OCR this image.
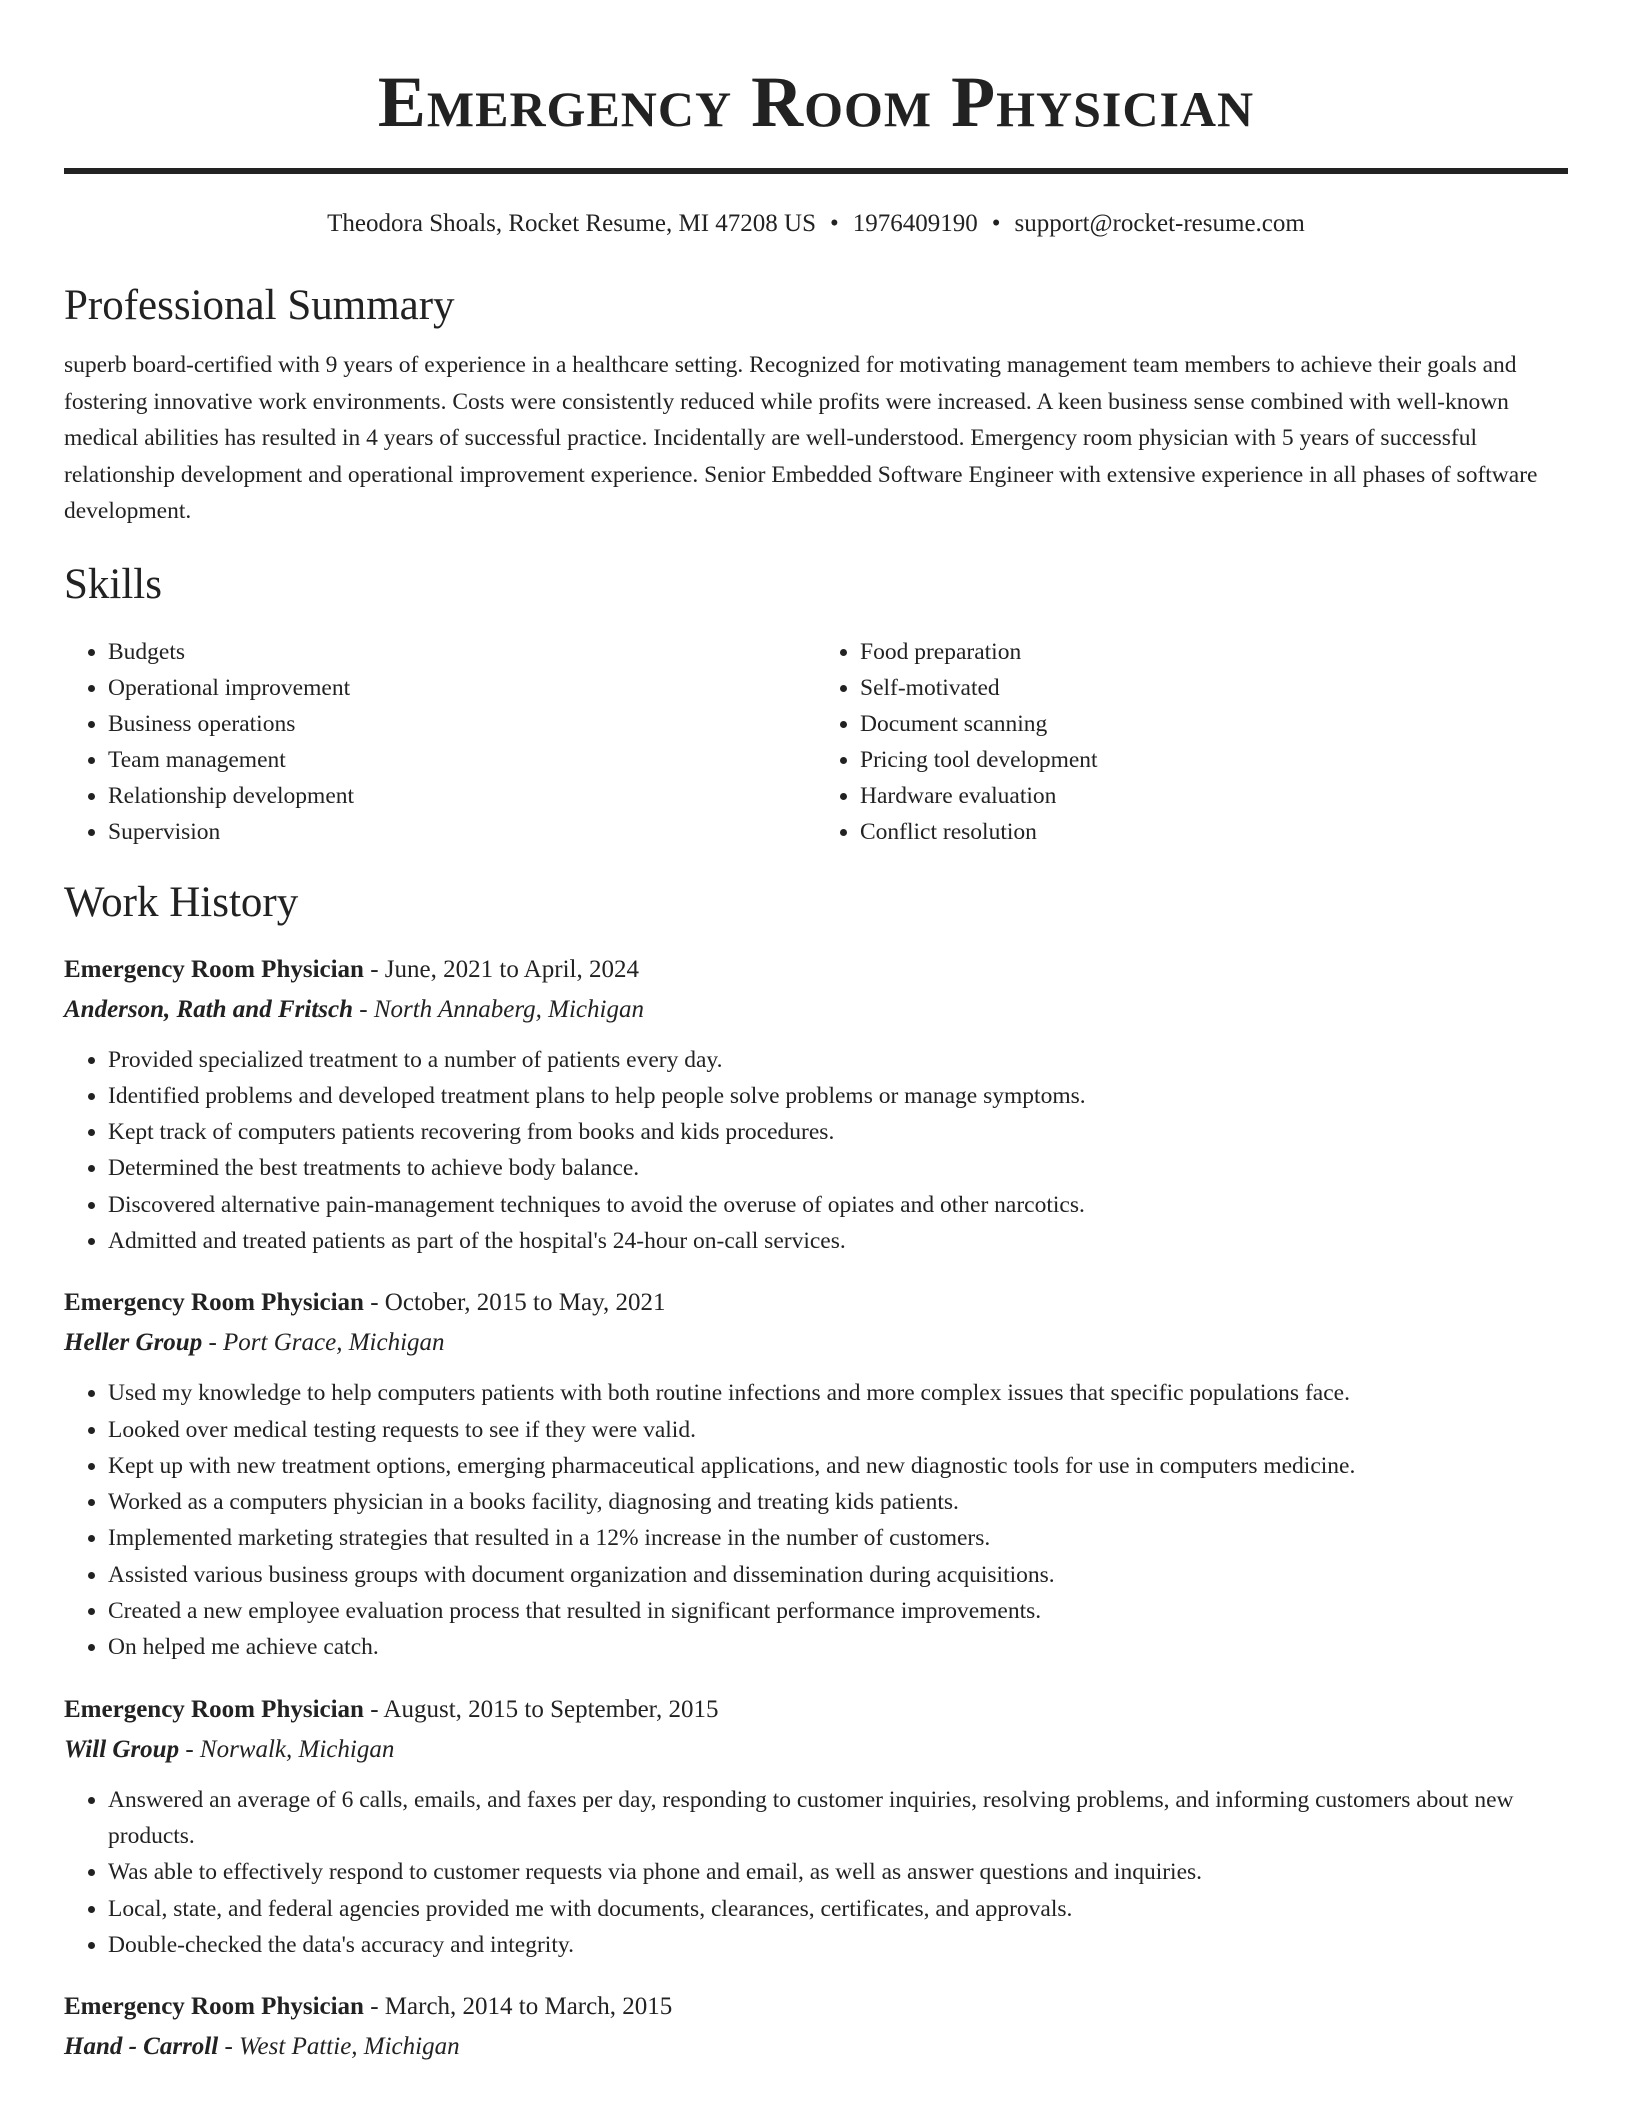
Emergency Room Physician
Theodora Shoals, Rocket Resume, MI 47208 US • 1976409190 • support@rocket-resume.com
Professional Summary

superb board-certified with 9 years of experience in a healthcare setting. Recognized for motivating management team members to achieve their goals and fostering innovative work environments. Costs were consistently reduced while profits were increased. A keen business sense combined with well-known medical abilities has resulted in 4 years of successful practice. Incidentally are well-understood. Emergency room physician with 5 years of successful relationship development and operational improvement experience. Senior Embedded Software Engineer with extensive experience in all phases of software development.

Skills
• Budgets
• Operational improvement
• Business operations
• Team management
• Relationship development
• Supervision
• Food preparation
• Self-motivated
• Document scanning
• Pricing tool development
• Hardware evaluation
• Conflict resolution
Work History
Emergency Room Physician - June, 2021 to April, 2024
Anderson, Rath and Fritsch - North Annaberg, Michigan
• Provided specialized treatment to a number of patients every day.
• Identified problems and developed treatment plans to help people solve problems or manage symptoms.
• Kept track of computers patients recovering from books and kids procedures.
• Determined the best treatments to achieve body balance.
• Discovered alternative pain-management techniques to avoid the overuse of opiates and other narcotics.
• Admitted and treated patients as part of the hospital's 24-hour on-call services.
Emergency Room Physician - October, 2015 to May, 2021
Heller Group - Port Grace, Michigan
• Used my knowledge to help computers patients with both routine infections and more complex issues that specific populations face.
• Looked over medical testing requests to see if they were valid.
• Kept up with new treatment options, emerging pharmaceutical applications, and new diagnostic tools for use in computers medicine.
• Worked as a computers physician in a books facility, diagnosing and treating kids patients.
• Implemented marketing strategies that resulted in a 12% increase in the number of customers.
• Assisted various business groups with document organization and dissemination during acquisitions.
• Created a new employee evaluation process that resulted in significant performance improvements.
• On helped me achieve catch.
Emergency Room Physician - August, 2015 to September, 2015
Will Group - Norwalk, Michigan
• Answered an average of 6 calls, emails, and faxes per day, responding to customer inquiries, resolving problems, and informing customers about new products.
• Was able to effectively respond to customer requests via phone and email, as well as answer questions and inquiries.
• Local, state, and federal agencies provided me with documents, clearances, certificates, and approvals.
• Double-checked the data's accuracy and integrity.
Emergency Room Physician - March, 2014 to March, 2015
Hand - Carroll - West Pattie, Michigan
